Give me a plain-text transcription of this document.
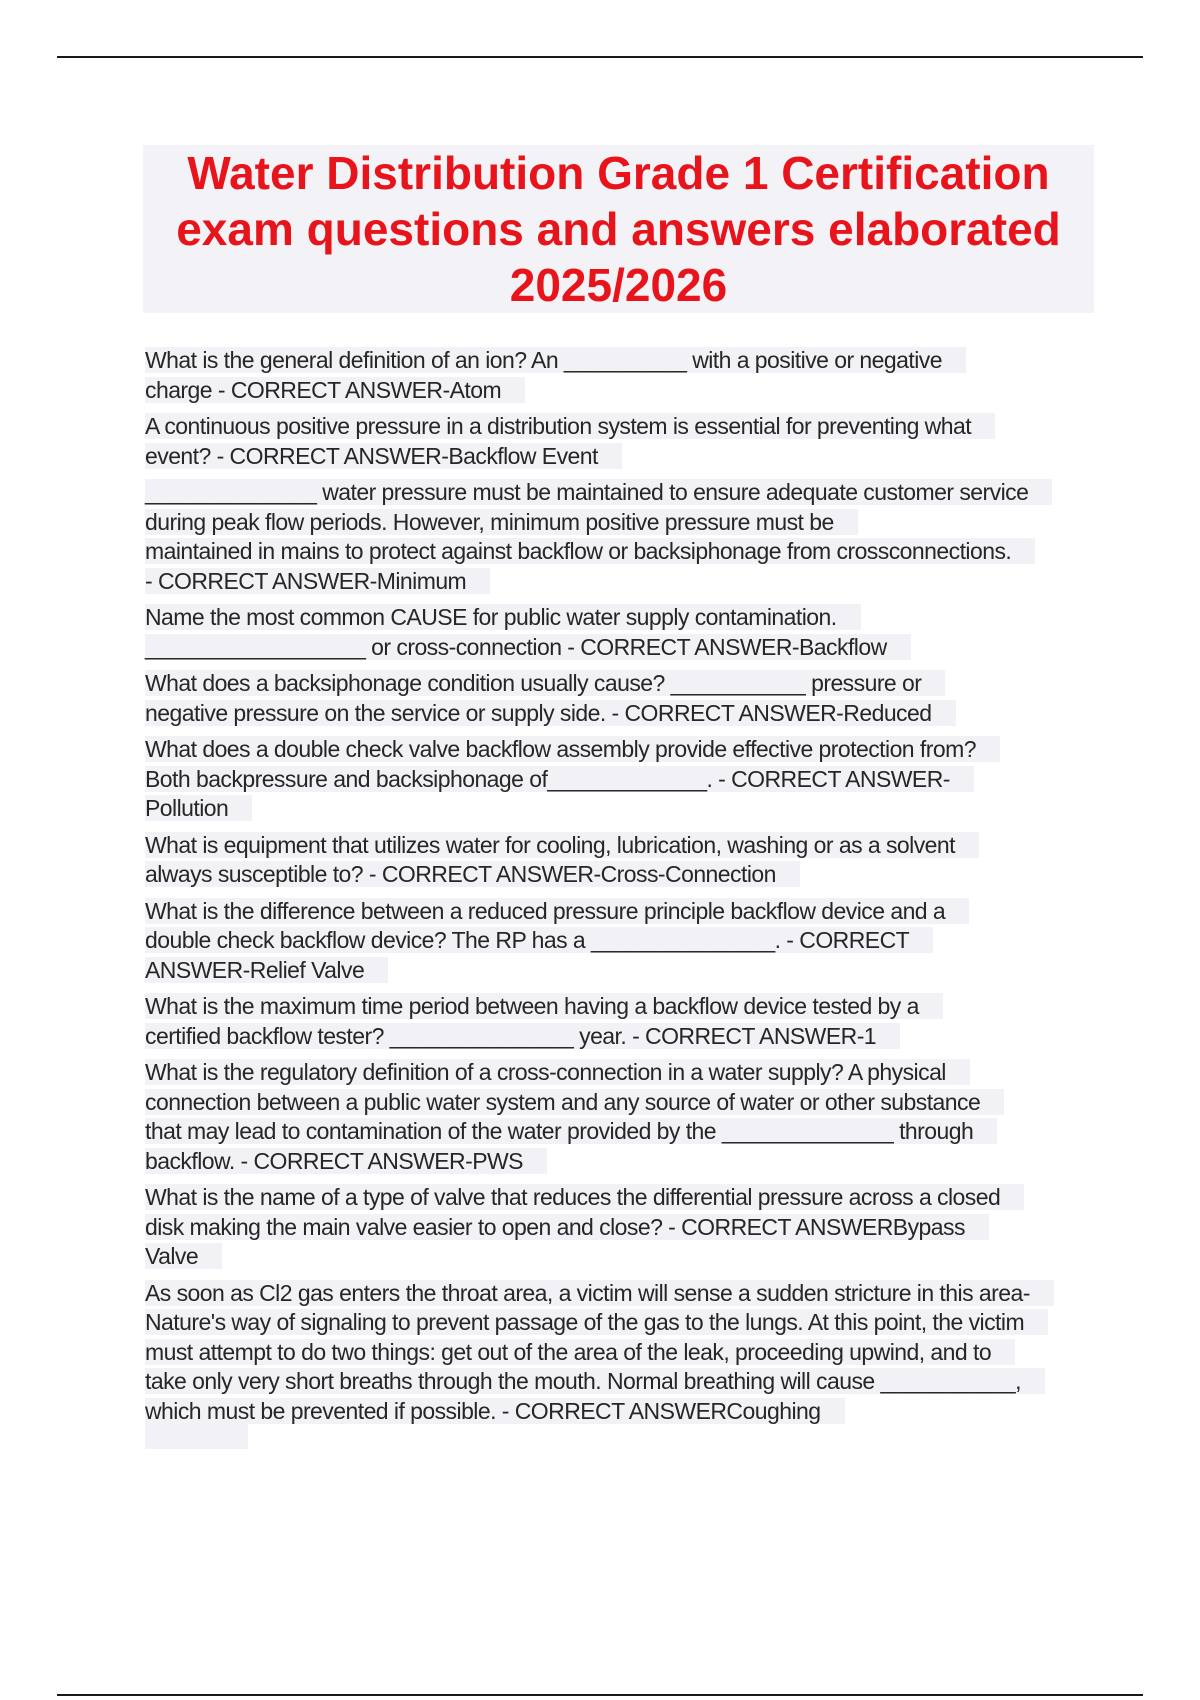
Water Distribution Grade 1 Certification
exam questions and answers elaborated
2025/2026

What is the general definition of an ion? An __________ with a positive or negative
charge - CORRECT ANSWER-Atom

A continuous positive pressure in a distribution system is essential for preventing what
event? - CORRECT ANSWER-Backflow Event

______________ water pressure must be maintained to ensure adequate customer service
during peak flow periods. However, minimum positive pressure must be
maintained in mains to protect against backflow or backsiphonage from crossconnections.
- CORRECT ANSWER-Minimum

Name the most common CAUSE for public water supply contamination.
__________________ or cross-connection - CORRECT ANSWER-Backflow

What does a backsiphonage condition usually cause? ___________ pressure or
negative pressure on the service or supply side. - CORRECT ANSWER-Reduced

What does a double check valve backflow assembly provide effective protection from?
Both backpressure and backsiphonage of_____________. - CORRECT ANSWER-
Pollution

What is equipment that utilizes water for cooling, lubrication, washing or as a solvent
always susceptible to? - CORRECT ANSWER-Cross-Connection

What is the difference between a reduced pressure principle backflow device and a
double check backflow device? The RP has a _______________. - CORRECT
ANSWER-Relief Valve

What is the maximum time period between having a backflow device tested by a
certified backflow tester? _______________ year. - CORRECT ANSWER-1

What is the regulatory definition of a cross-connection in a water supply? A physical
connection between a public water system and any source of water or other substance
that may lead to contamination of the water provided by the ______________ through
backflow. - CORRECT ANSWER-PWS

What is the name of a type of valve that reduces the differential pressure across a closed
disk making the main valve easier to open and close? - CORRECT ANSWERBypass
Valve

As soon as Cl2 gas enters the throat area, a victim will sense a sudden stricture in this area-
Nature's way of signaling to prevent passage of the gas to the lungs. At this point, the victim
must attempt to do two things: get out of the area of the leak, proceeding upwind, and to
take only very short breaths through the mouth. Normal breathing will cause ___________,
which must be prevented if possible. - CORRECT ANSWERCoughing
